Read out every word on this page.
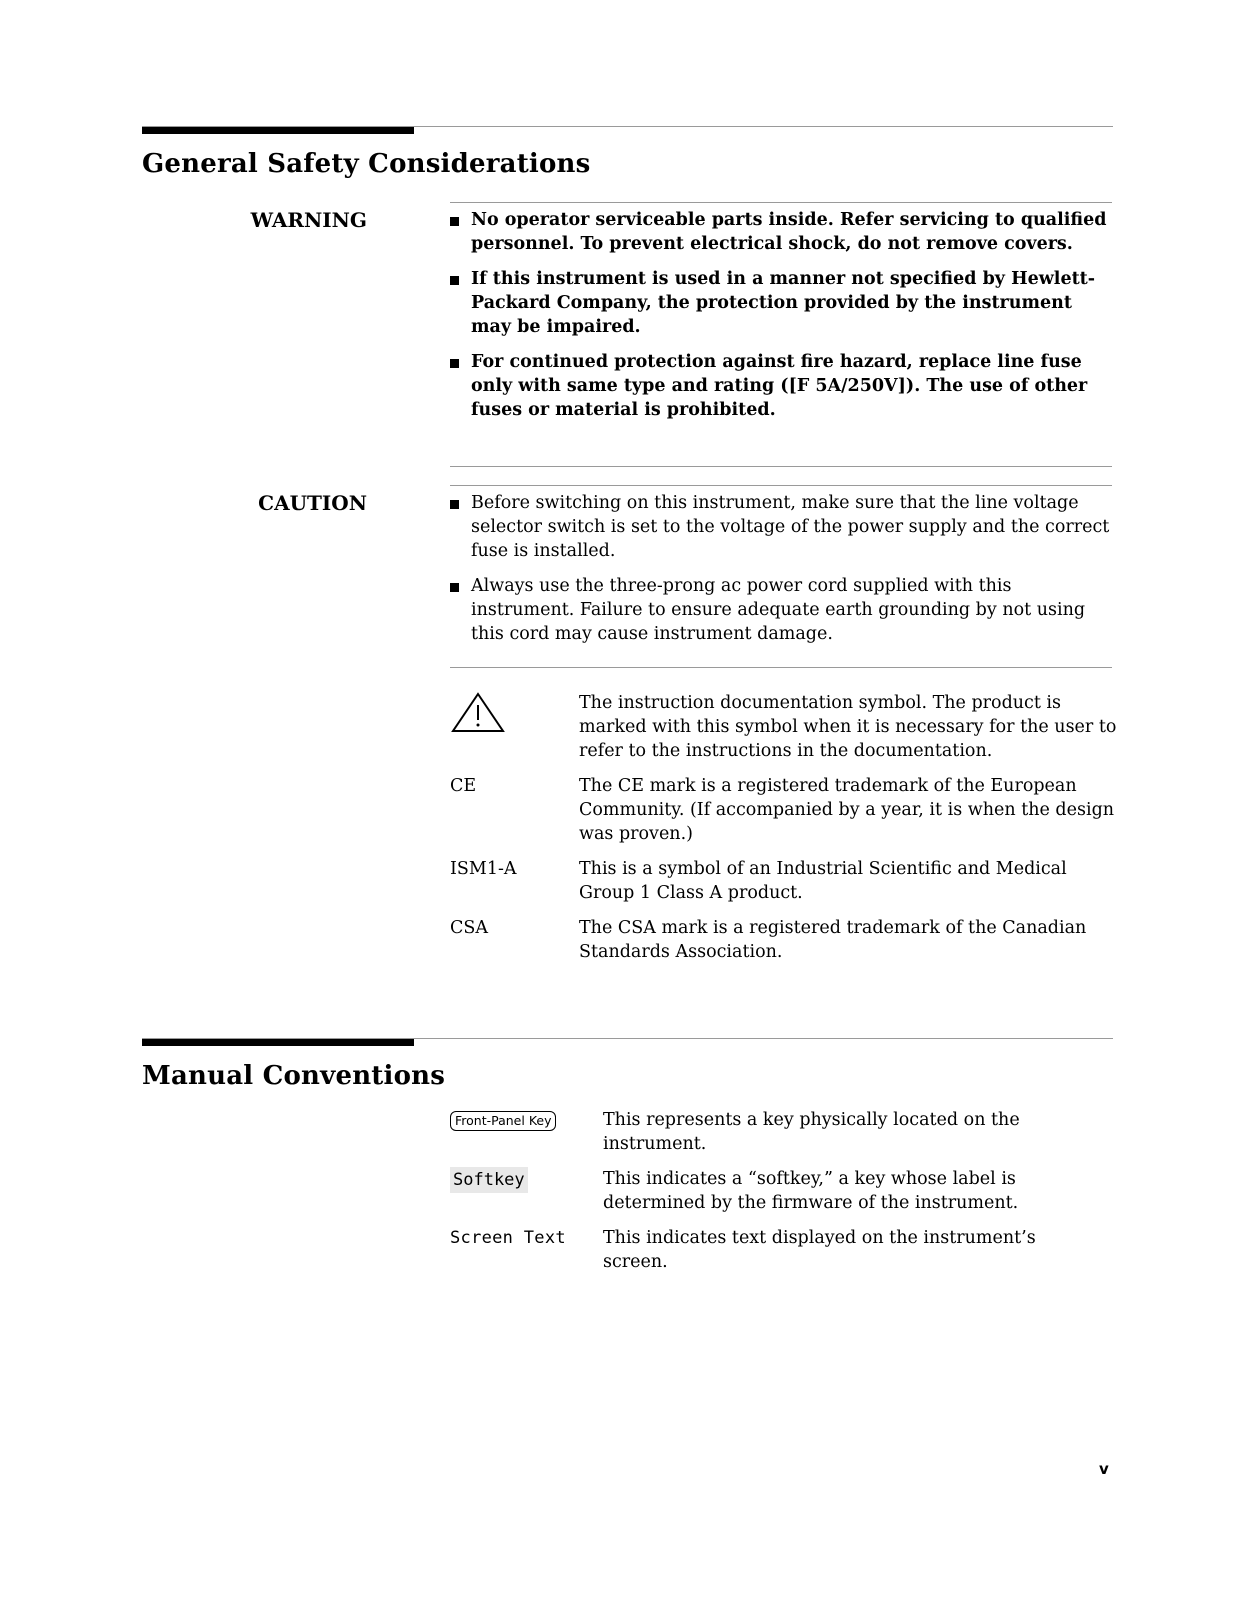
General Safety Considerations
WARNING	No operator serviceable parts inside. Refer servicing to qualified personnel. To prevent electrical shock, do not remove covers.
If this instrument is used in a manner not specified by Hewlett-Packard Company, the protection provided by the instrument may be impaired.
For continued protection against fire hazard, replace line fuse only with same type and rating ([F 5A/250V]). The use of other fuses or material is prohibited.
CAUTION	Before switching on this instrument, make sure that the line voltage selector switch is set to the voltage of the power supply and the correct fuse is installed.
Always use the three-prong ac power cord supplied with this instrument. Failure to ensure adequate earth grounding by not using this cord may cause instrument damage.
The instruction documentation symbol. The product is marked with this symbol when it is necessary for the user to refer to the instructions in the documentation.
CE	The CE mark is a registered trademark of the European Community. (If accompanied by a year, it is when the design was proven.)
ISM1-A	This is a symbol of an Industrial Scientific and Medical Group 1 Class A product.
CSA	The CSA mark is a registered trademark of the Canadian Standards Association.
Manual Conventions
Front-Panel Key	This represents a key physically located on the instrument.
Softkey	This indicates a “softkey,” a key whose label is determined by the firmware of the instrument.
Screen Text	This indicates text displayed on the instrument’s screen.
v
